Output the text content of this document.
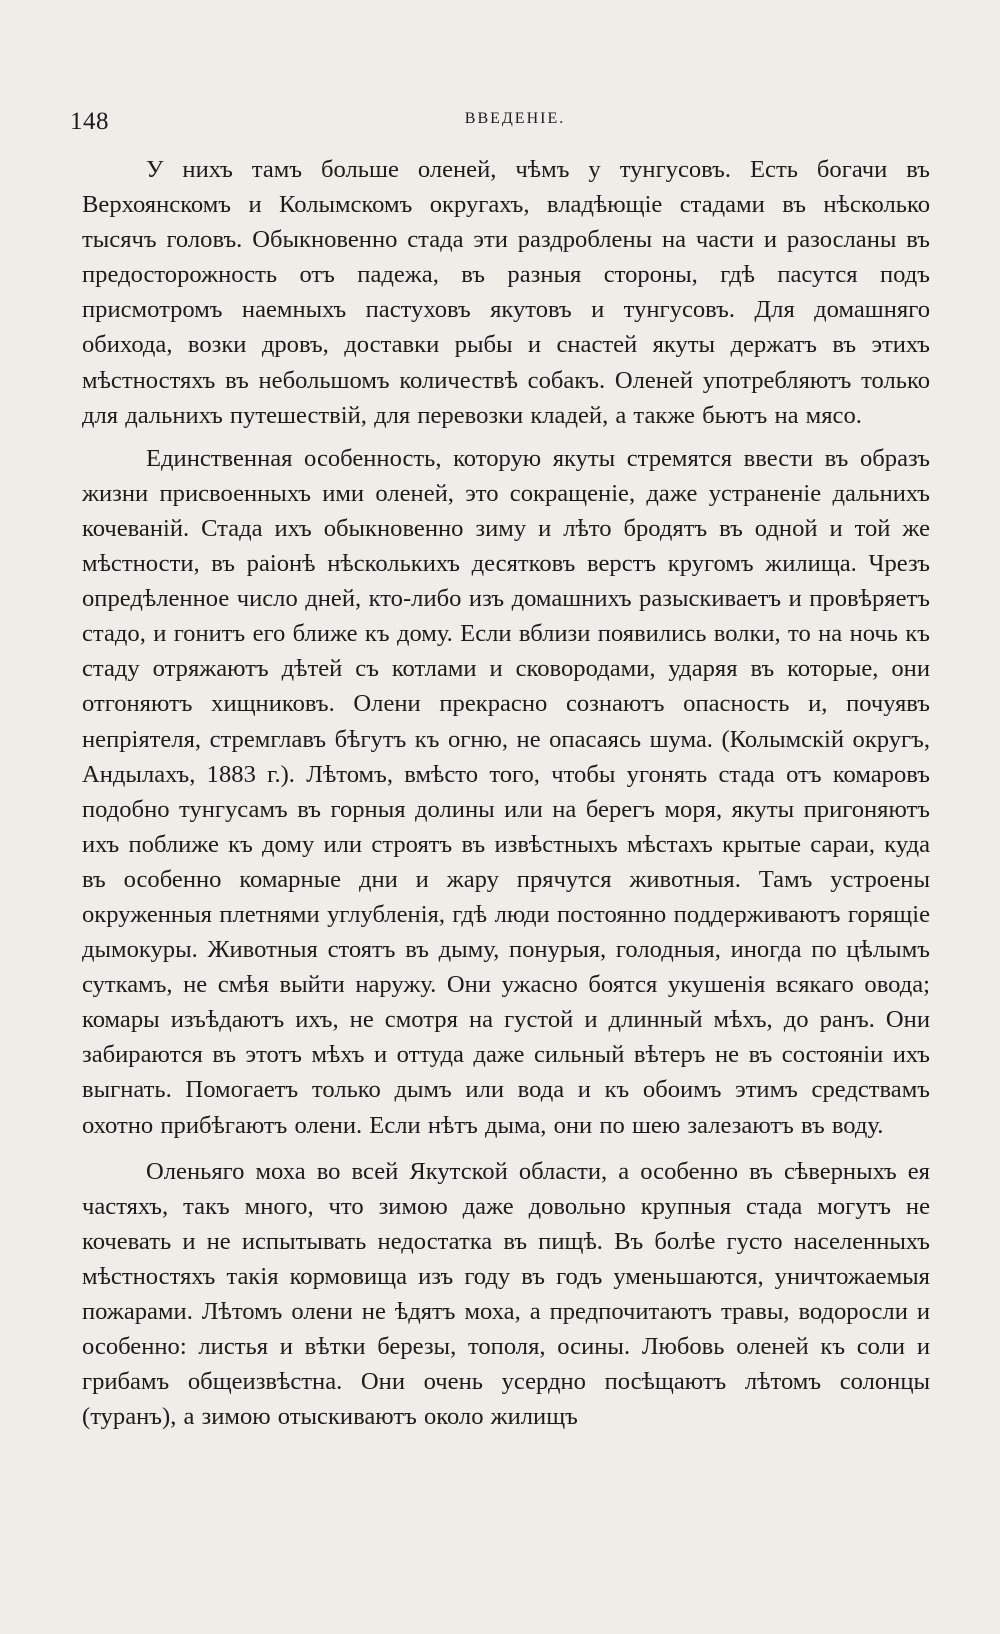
148	ВВЕДЕНІЕ.

У нихъ тамъ больше оленей, чѣмъ у тунгусовъ. Есть богачи въ Верхоянскомъ и Колымскомъ округахъ, владѣющіе стадами въ нѣсколько тысячъ головъ. Обыкновенно стада эти раздроблены на части и разосланы въ предосторожность отъ падежа, въ разныя стороны, гдѣ пасутся подъ присмотромъ наемныхъ пастуховъ якутовъ и тунгусовъ. Для домашняго обихода, возки дровъ, доставки рыбы и снастей якуты держатъ въ этихъ мѣстностяхъ въ небольшомъ количествѣ собакъ. Оленей употребляютъ только для дальнихъ путешествій, для перевозки кладей, а также бьютъ на мясо.

Единственная особенность, которую якуты стремятся ввести въ образъ жизни присвоенныхъ ими оленей, это сокращеніе, даже устраненіе дальнихъ кочеваній. Стада ихъ обыкновенно зиму и лѣто бродятъ въ одной и той же мѣстности, въ раіонѣ нѣсколькихъ десятковъ верстъ кругомъ жилища. Чрезъ опредѣленное число дней, кто-либо изъ домашнихъ разыскиваетъ и провѣряетъ стадо, и гонитъ его ближе къ дому. Если вблизи появились волки, то на ночь къ стаду отряжаютъ дѣтей съ котлами и сковородами, ударяя въ которые, они отгоняютъ хищниковъ. Олени прекрасно сознаютъ опасность и, почуявъ непріятеля, стремглавъ бѣгутъ къ огню, не опасаясь шума. (Колымскій округъ, Андылахъ, 1883 г.). Лѣтомъ, вмѣсто того, чтобы угонять стада отъ комаровъ подобно тунгусамъ въ горныя долины или на берегъ моря, якуты пригоняютъ ихъ поближе къ дому или строятъ въ извѣстныхъ мѣстахъ крытые сараи, куда въ особенно комарные дни и жару прячутся животныя. Тамъ устроены окруженныя плетнями углубленія, гдѣ люди постоянно поддерживаютъ горящіе дымокуры. Животныя стоятъ въ дыму, понурыя, голодныя, иногда по цѣлымъ суткамъ, не смѣя выйти наружу. Они ужасно боятся укушенія всякаго овода; комары изъѣдаютъ ихъ, не смотря на густой и длинный мѣхъ, до ранъ. Они забираются въ этотъ мѣхъ и оттуда даже сильный вѣтеръ не въ состояніи ихъ выгнать. Помогаетъ только дымъ или вода и къ обоимъ этимъ средствамъ охотно прибѣгаютъ олени. Если нѣтъ дыма, они по шею залезаютъ въ воду.

Оленьяго моха во всей Якутской области, а особенно въ сѣверныхъ ея частяхъ, такъ много, что зимою даже довольно крупныя стада могутъ не кочевать и не испытывать недостатка въ пищѣ. Въ болѣе густо населенныхъ мѣстностяхъ такія кормовища изъ году въ годъ уменьшаются, уничтожаемыя пожарами. Лѣтомъ олени не ѣдятъ моха, а предпочитаютъ травы, водоросли и особенно: листья и вѣтки березы, тополя, осины. Любовь оленей къ соли и грибамъ общеизвѣстна. Они очень усердно посѣщаютъ лѣтомъ солонцы (туранъ), а зимою отыскиваютъ около жилищъ
